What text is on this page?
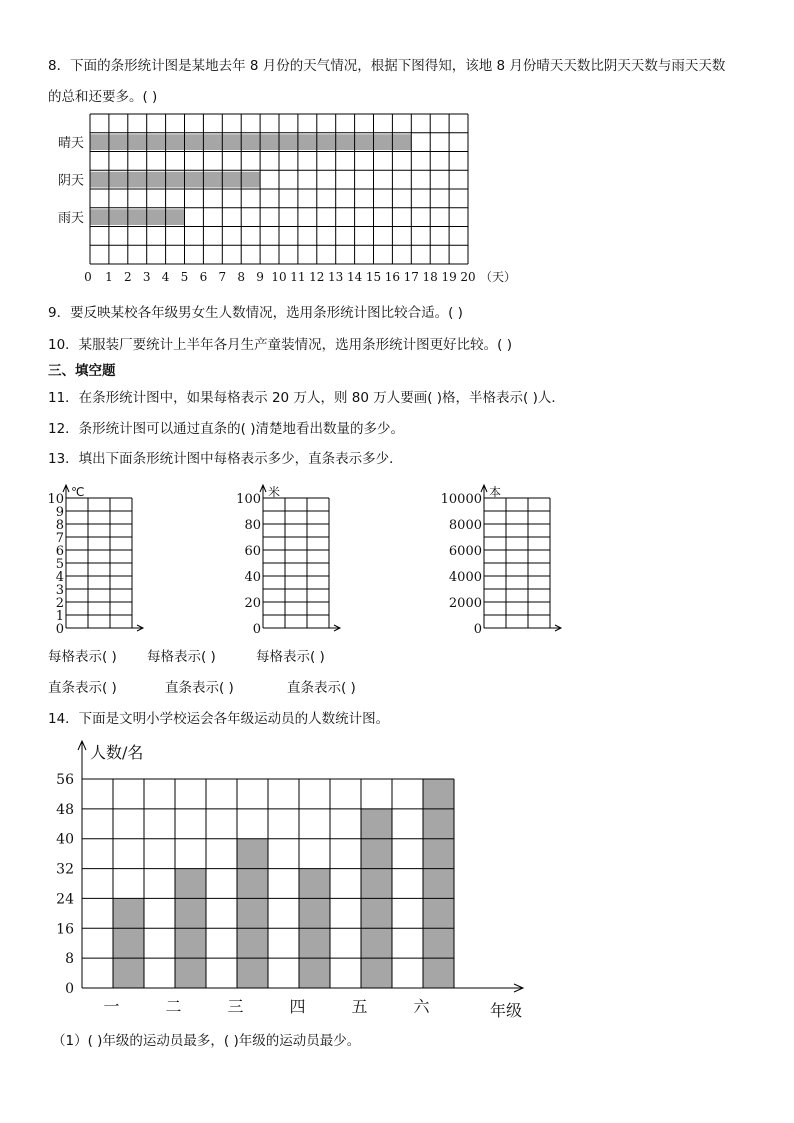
8．下面的条形统计图是某地去年 8 月份的天气情况，根据下图得知，该地 8 月份晴天天数比阴天天数与雨天天数
的总和还要多。( )
晴天
阴天
雨天
0 1 2 3 4 5 6 7 8 9 10 11 12 13 14 15 16 17 18 19 20 （天）
9．要反映某校各年级男女生人数情况，选用条形统计图比较合适。( )
10．某服装厂要统计上半年各月生产童装情况，选用条形统计图更好比较。( )
三、填空题
11．在条形统计图中，如果每格表示 20 万人，则 80 万人要画( )格，半格表示( )人．
12．条形统计图可以通过直条的( )清楚地看出数量的多少。
13．填出下面条形统计图中每格表示多少，直条表示多少．
0
1
2
3
4
5
6
7
8
9
10 ℃
0
20
40
60
80
100 米
0
2000
4000
6000
8000
10000 本
每格表示( ) 每格表示( )	每格表示( )
直条表示( )	直条表示( )	直条表示( )
14．下面是文明小学校运会各年级运动员的人数统计图。
0
8
16
24
32
40
48
56
一	二	三	四	五	六
人数/名
年级
（1）( )年级的运动员最多，( )年级的运动员最少。
